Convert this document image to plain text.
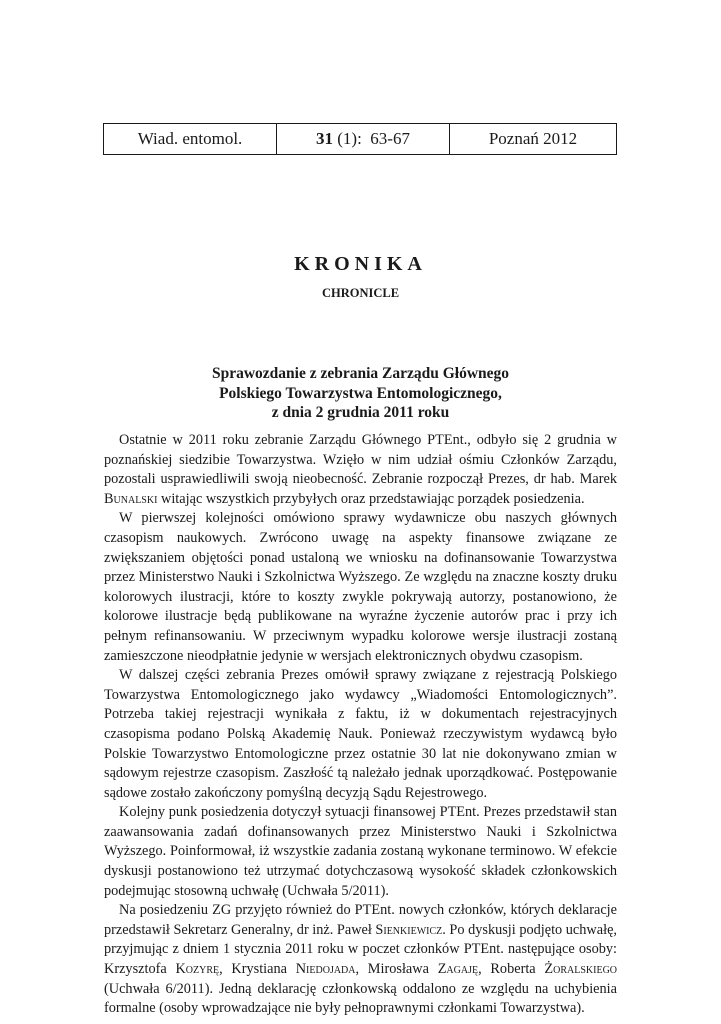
Wiad. entomol.	31 (1):  63-67	Poznań 2012
KRONIKA
CHRONICLE
Sprawozdanie z zebrania Zarządu Głównego
Polskiego Towarzystwa Entomologicznego,
z dnia 2 grudnia 2011 roku

Ostatnie w 2011 roku zebranie Zarządu Głównego PTEnt., odbyło się 2 grudnia w poznańskiej siedzibie Towarzystwa. Wzięło w nim udział ośmiu Członków Zarządu, pozostali usprawiedliwili swoją nieobecność. Zebranie rozpoczął Prezes, dr hab. Marek Bunalski witając wszystkich przybyłych oraz przedstawiając porządek posiedzenia.

W pierwszej kolejności omówiono sprawy wydawnicze obu naszych głównych czasopism naukowych. Zwrócono uwagę na aspekty finansowe związane ze zwiększaniem objętości ponad ustaloną we wniosku na dofinansowanie Towarzystwa przez Ministerstwo Nauki i Szkolnictwa Wyższego. Ze względu na znaczne koszty druku kolorowych ilustracji, które to koszty zwykle pokrywają autorzy, postanowiono, że kolorowe ilustracje będą publikowane na wyraźne życzenie autorów prac i przy ich pełnym refinansowaniu. W przeciwnym wypadku kolorowe wersje ilustracji zostaną zamieszczone nieodpłatnie jedynie w wersjach elektronicznych obydwu czasopism.

W dalszej części zebrania Prezes omówił sprawy związane z rejestracją Polskiego Towarzystwa Entomologicznego jako wydawcy „Wiadomości Entomologicznych”. Potrzeba takiej rejestracji wynikała z faktu, iż w dokumentach rejestracyjnych czasopisma podano Polską Akademię Nauk. Ponieważ rzeczywistym wydawcą było Polskie Towarzystwo Entomologiczne przez ostatnie 30 lat nie dokonywano zmian w sądowym rejestrze czasopism. Zaszłość tą należało jednak uporządkować. Postępowanie sądowe zostało zakończony pomyślną decyzją Sądu Rejestrowego.

Kolejny punk posiedzenia dotyczył sytuacji finansowej PTEnt. Prezes przedstawił stan zaawansowania zadań dofinansowanych przez Ministerstwo Nauki i Szkolnictwa Wyższego. Poinformował, iż wszystkie zadania zostaną wykonane terminowo. W efekcie dyskusji postanowiono też utrzymać dotychczasową wysokość składek członkowskich podejmując stosowną uchwałę (Uchwała 5/2011).

Na posiedzeniu ZG przyjęto również do PTEnt. nowych członków, których deklaracje przedstawił Sekretarz Generalny, dr inż. Paweł Sienkiewicz. Po dyskusji podjęto uchwałę, przyjmując z dniem 1 stycznia 2011 roku w poczet członków PTEnt. następujące osoby: Krzysztofa Kozyrę, Krystiana Niedojada, Mirosława Zagaję, Roberta Żoralskiego (Uchwała 6/2011). Jedną deklarację członkowską oddalono ze względu na uchybienia formalne (osoby wprowadzające nie były pełnoprawnymi członkami Towarzystwa).
